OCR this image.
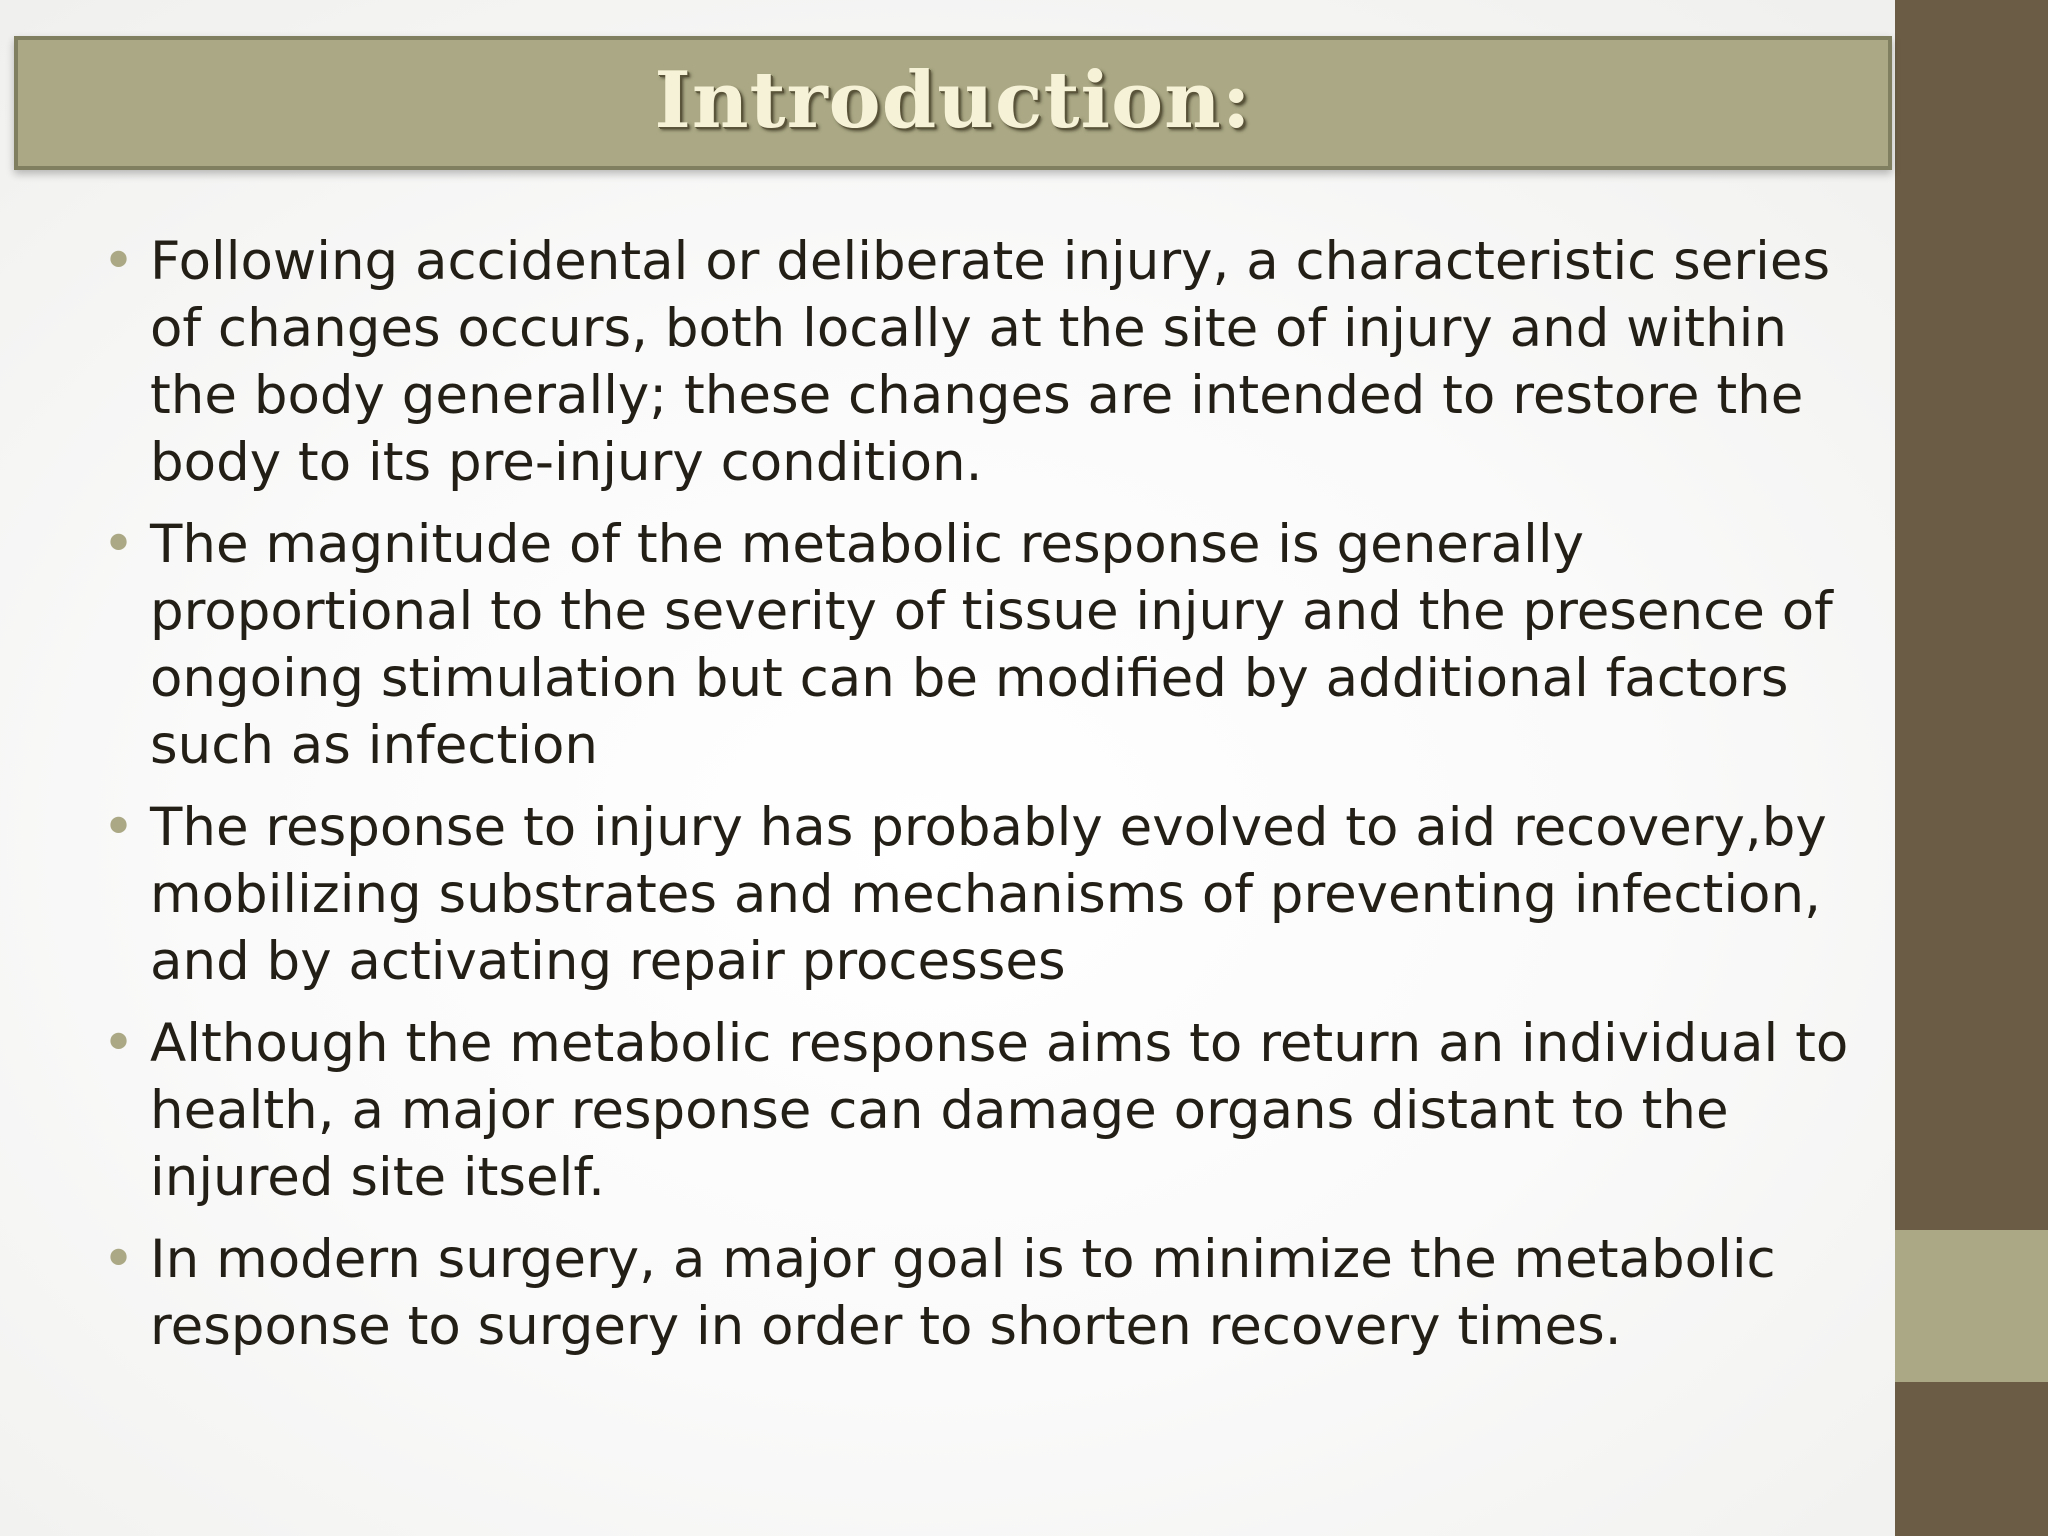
Introduction:
• Following accidental or deliberate injury, a characteristic series of changes occurs, both locally at the site of injury and within the body generally; these changes are intended to restore the body to its pre-injury condition.
• The magnitude of the metabolic response is generally proportional to the severity of tissue injury and the presence of ongoing stimulation but can be modified by additional factors such as infection
• The response to injury has probably evolved to aid recovery,by mobilizing substrates and mechanisms of preventing infection, and by activating repair processes
• Although the metabolic response aims to return an individual to health, a major response can damage organs distant to the injured site itself.
• In modern surgery, a major goal is to minimize the metabolic response to surgery in order to shorten recovery times.
